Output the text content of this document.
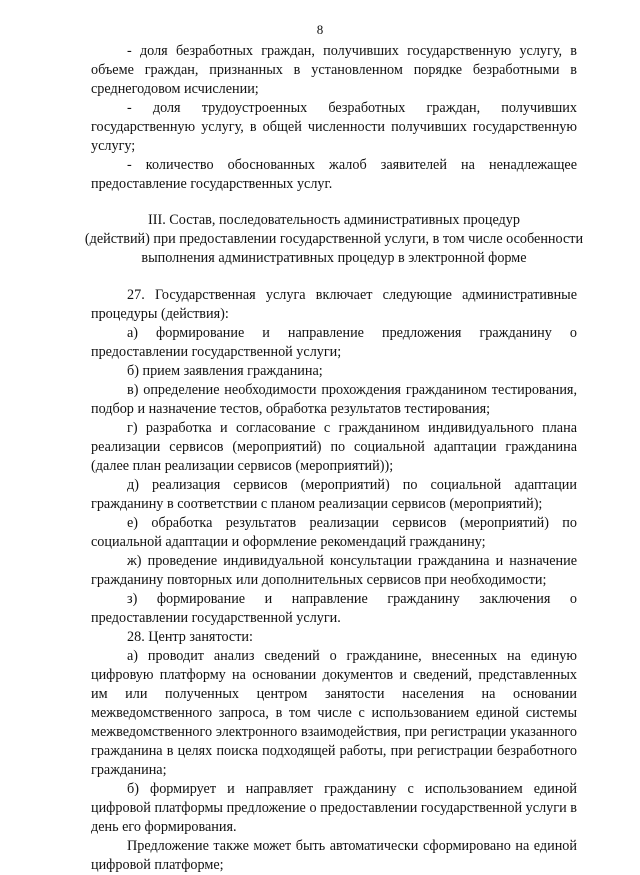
8

- доля безработных граждан, получивших государственную услугу, в объеме граждан, признанных в установленном порядке безработными в среднегодовом исчислении;

- доля трудоустроенных безработных граждан, получивших государственную услугу, в общей численности получивших государственную услугу;

- количество обоснованных жалоб заявителей на ненадлежащее предоставление государственных услуг.

III. Состав, последовательность административных процедур
(действий) при предоставлении государственной услуги, в том числе особенности
выполнения административных процедур в электронной форме

27. Государственная услуга включает следующие административные процедуры (действия):

а) формирование и направление предложения гражданину о предоставлении государственной услуги;

б) прием заявления гражданина;

в) определение необходимости прохождения гражданином тестирования, подбор и назначение тестов, обработка результатов тестирования;

г) разработка и согласование с гражданином индивидуального плана реализации сервисов (мероприятий) по социальной адаптации гражданина (далее план реализации сервисов (мероприятий));

д) реализация сервисов (мероприятий) по социальной адаптации гражданину в соответствии с планом реализации сервисов (мероприятий);

е) обработка результатов реализации сервисов (мероприятий) по социальной адаптации и оформление рекомендаций гражданину;

ж) проведение индивидуальной консультации гражданина и назначение гражданину повторных или дополнительных сервисов при необходимости;

з) формирование и направление гражданину заключения о предоставлении государственной услуги.

28. Центр занятости:

а) проводит анализ сведений о гражданине, внесенных на единую цифровую платформу на основании документов и сведений, представленных им или полученных центром занятости населения на основании межведомственного запроса, в том числе с использованием единой системы межведомственного электронного взаимодействия, при регистрации указанного гражданина в целях поиска подходящей работы, при регистрации безработного гражданина;

б) формирует и направляет гражданину с использованием единой цифровой платформы предложение о предоставлении государственной услуги в день его формирования.

Предложение также может быть автоматически сформировано на единой цифровой платформе;
